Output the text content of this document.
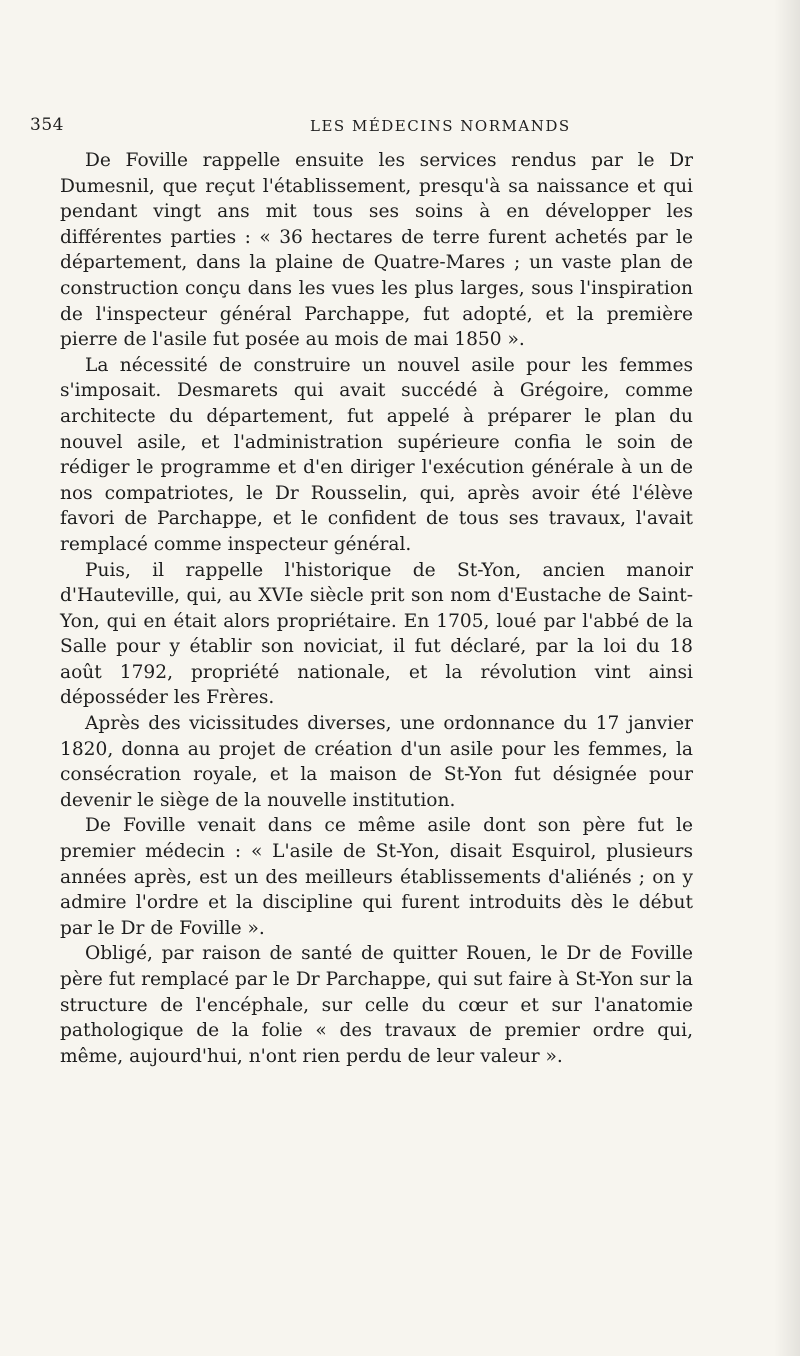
354	LES MÉDECINS NORMANDS

De Foville rappelle ensuite les services rendus par le Dr Dumesnil, que reçut l'établissement, presqu'à sa naissance et qui pendant vingt ans mit tous ses soins à en développer les différentes parties : « 36 hectares de terre furent achetés par le département, dans la plaine de Quatre-Mares ; un vaste plan de construction conçu dans les vues les plus larges, sous l'inspiration de l'inspecteur général Parchappe, fut adopté, et la première pierre de l'asile fut posée au mois de mai 1850 ».

La nécessité de construire un nouvel asile pour les femmes s'imposait. Desmarets qui avait succédé à Grégoire, comme architecte du département, fut appelé à préparer le plan du nouvel asile, et l'administration supérieure confia le soin de rédiger le programme et d'en diriger l'exécution générale à un de nos compatriotes, le Dr Rousselin, qui, après avoir été l'élève favori de Parchappe, et le confident de tous ses travaux, l'avait remplacé comme inspecteur général.

Puis, il rappelle l'historique de St-Yon, ancien manoir d'Hauteville, qui, au XVIe siècle prit son nom d'Eustache de Saint-Yon, qui en était alors propriétaire. En 1705, loué par l'abbé de la Salle pour y établir son noviciat, il fut déclaré, par la loi du 18 août 1792, propriété nationale, et la révolution vint ainsi déposséder les Frères.

Après des vicissitudes diverses, une ordonnance du 17 janvier 1820, donna au projet de création d'un asile pour les femmes, la consécration royale, et la maison de St-Yon fut désignée pour devenir le siège de la nouvelle institution.

De Foville venait dans ce même asile dont son père fut le premier médecin : « L'asile de St-Yon, disait Esquirol, plusieurs années après, est un des meilleurs établissements d'aliénés ; on y admire l'ordre et la discipline qui furent introduits dès le début par le Dr de Foville ».

Obligé, par raison de santé de quitter Rouen, le Dr de Foville père fut remplacé par le Dr Parchappe, qui sut faire à St-Yon sur la structure de l'encéphale, sur celle du cœur et sur l'anatomie pathologique de la folie « des travaux de premier ordre qui, même, aujourd'hui, n'ont rien perdu de leur valeur ».
